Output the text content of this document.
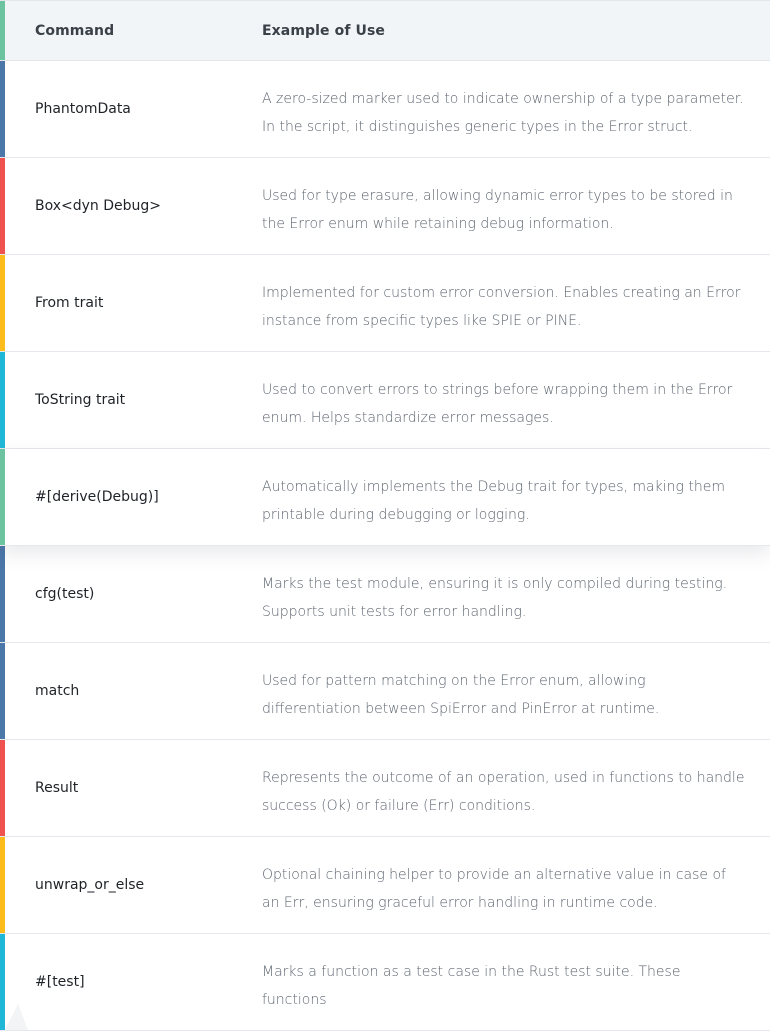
Command	Example of Use
PhantomData
A zero-sized marker used to indicate ownership of a type parameter. In the script, it distinguishes generic types in the Error struct.
Box<dyn Debug>
Used for type erasure, allowing dynamic error types to be stored in the Error enum while retaining debug information.
From trait
Implemented for custom error conversion. Enables creating an Error instance from specific types like SPIE or PINE.
ToString trait
Used to convert errors to strings before wrapping them in the Error enum. Helps standardize error messages.
#[derive(Debug)]
Automatically implements the Debug trait for types, making them printable during debugging or logging.
cfg(test)
Marks the test module, ensuring it is only compiled during testing. Supports unit tests for error handling.
match
Used for pattern matching on the Error enum, allowing differentiation between SpiError and PinError at runtime.
Result
Represents the outcome of an operation, used in functions to handle success (Ok) or failure (Err) conditions.
unwrap_or_else
Optional chaining helper to provide an alternative value in case of an Err, ensuring graceful error handling in runtime code.
#[test]
Marks a function as a test case in the Rust test suite. These functions
